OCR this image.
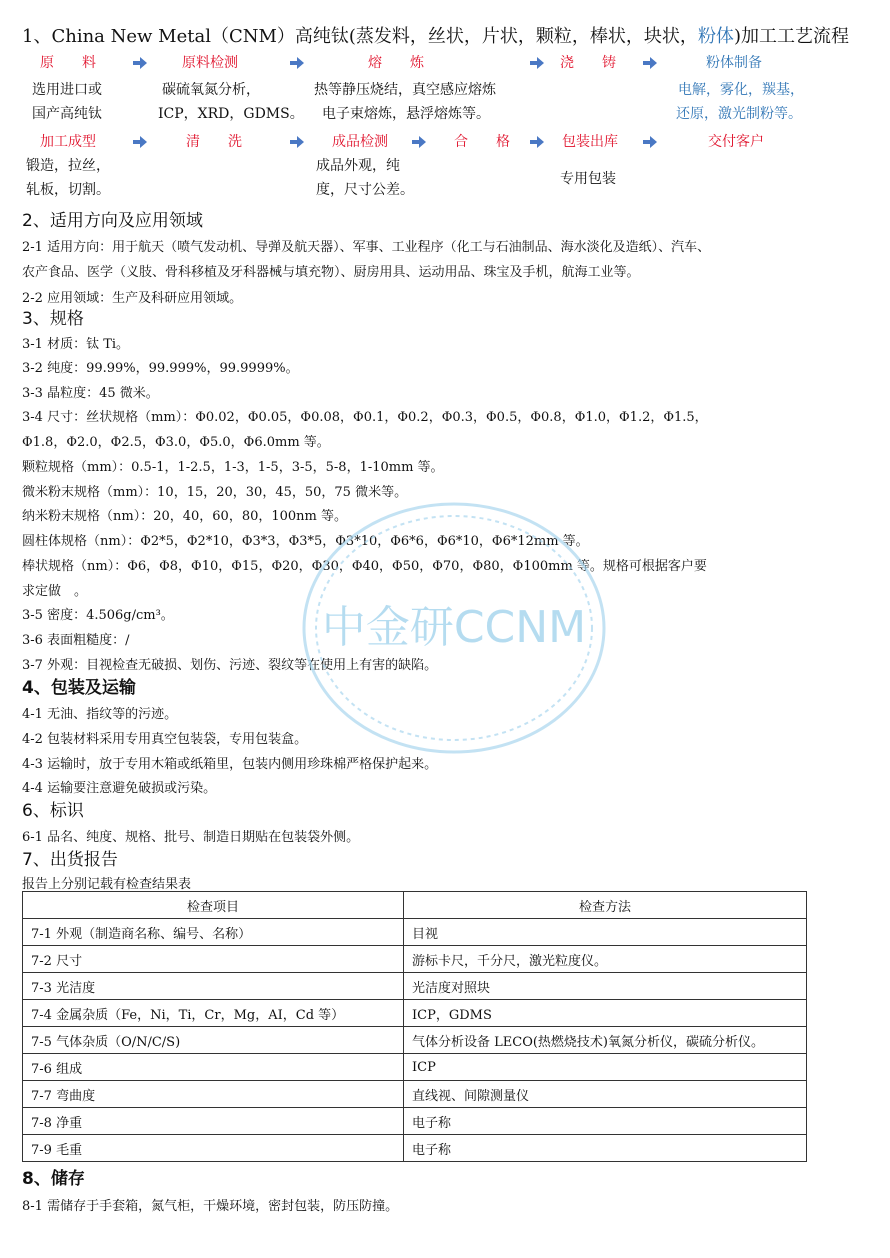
1、China New Metal（CNM）高纯钛(蒸发料，丝状，片状，颗粒，棒状，块状，粉体)加工工艺流程
原　　料	原料检测	熔　　炼	浇　　铸	粉体制备
选用进口或
国产高纯钛
碳硫氧氮分析，
ICP，XRD，GDMS。
热等静压烧结，真空感应熔炼
电子束熔炼，悬浮熔炼等。
电解，雾化，羰基，
还原，激光制粉等。
加工成型	清　　洗	成品检测	合　　格	包装出库	交付客户
锻造，拉丝，
轧板，切割。
成品外观，纯
度，尺寸公差。
专用包装
2、适用方向及应用领域
2-1 适用方向：用于航天（喷气发动机、导弹及航天器）、军事、工业程序（化工与石油制品、海水淡化及造纸）、汽车、
农产食品、医学（义肢、骨科移植及牙科器械与填充物）、厨房用具、运动用品、珠宝及手机，航海工业等。
2-2 应用领域：生产及科研应用领域。
3、规格
3-1 材质：钛 Ti。
3-2 纯度：99.99%，99.999%，99.9999%。
3-3 晶粒度：45 微米。
3-4 尺寸：丝状规格（mm）：Φ0.02，Φ0.05，Φ0.08，Φ0.1，Φ0.2，Φ0.3，Φ0.5，Φ0.8，Φ1.0，Φ1.2，Φ1.5，
Φ1.8，Φ2.0，Φ2.5，Φ3.0，Φ5.0，Φ6.0mm 等。
颗粒规格（mm）：0.5-1，1-2.5，1-3，1-5，3-5，5-8，1-10mm 等。
微米粉末规格（mm）：10，15，20，30，45，50，75 微米等。
纳米粉末规格（nm）：20，40，60，80，100nm 等。
圆柱体规格（nm）：Φ2*5，Φ2*10，Φ3*3，Φ3*5，Φ3*10，Φ6*6，Φ6*10，Φ6*12mm 等。
棒状规格（nm）：Φ6，Φ8，Φ10，Φ15，Φ20，Φ30，Φ40，Φ50，Φ70，Φ80，Φ100mm 等。规格可根据客户要
求定做　。
3-5 密度：4.506g/cm³。
3-6 表面粗糙度：/
3-7 外观：目视检查无破损、划伤、污迹、裂纹等在使用上有害的缺陷。
4、包装及运输
4-1 无油、指纹等的污迹。
4-2 包装材料采用专用真空包装袋，专用包装盒。
4-3 运输时，放于专用木箱或纸箱里，包装内侧用珍珠棉严格保护起来。
4-4 运输要注意避免破损或污染。
6、标识
6-1 品名、纯度、规格、批号、制造日期贴在包装袋外侧。
7、出货报告
报告上分别记载有检查结果表
检查项目	检查方法
7-1 外观（制造商名称、编号、名称）	目视
7-2 尺寸	游标卡尺，千分尺，激光粒度仪。
7-3 光洁度	光洁度对照块
7-4 金属杂质（Fe，Ni，Ti，Cr，Mg，AI，Cd 等）	ICP，GDMS
7-5 气体杂质（O/N/C/S)	气体分析设备 LECO(热燃烧技术)氧氮分析仪，碳硫分析仪。
7-6 组成	ICP
7-7 弯曲度	直线视、间隙测量仪
7-8 净重	电子称
7-9 毛重	电子称
8、储存
8-1 需储存于手套箱，氮气柜，干燥环境，密封包装，防压防撞。
中金研CCNM
